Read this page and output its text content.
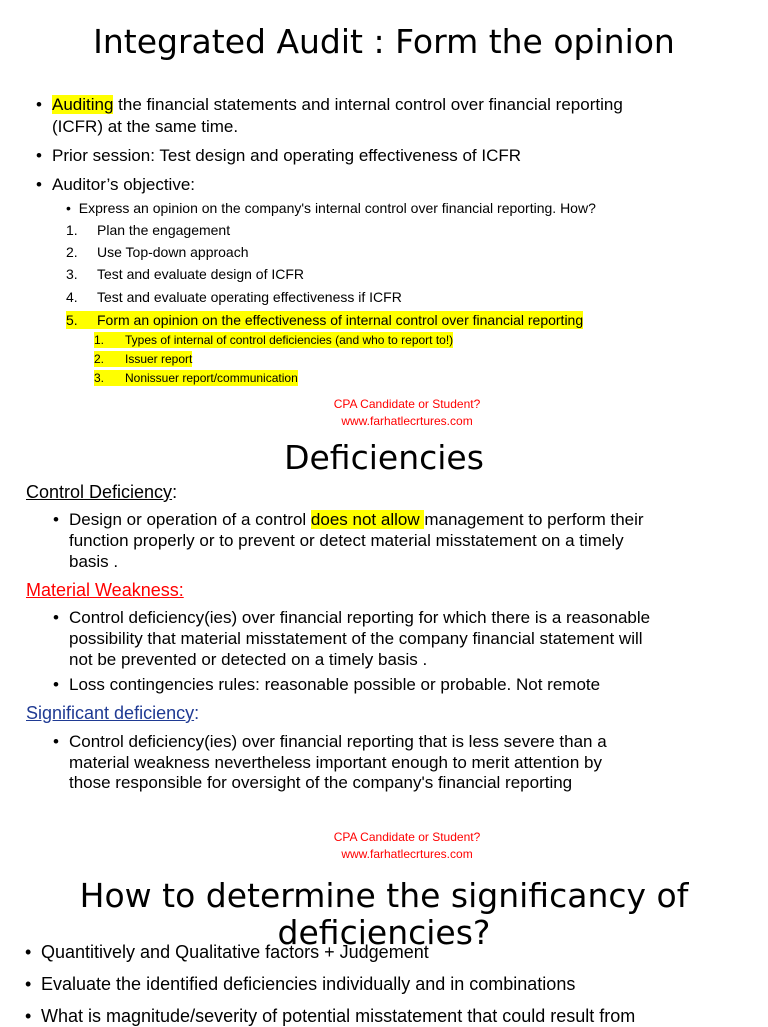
Integrated Audit : Form the opinion
• Auditing the financial statements and internal control over financial reporting
(ICFR) at the same time.
• Prior session: Test design and operating effectiveness of ICFR
• Auditor’s objective:
• Express an opinion on the company's internal control over financial reporting. How?
1. Plan the engagement
2. Use Top-down approach
3. Test and evaluate design of ICFR
4. Test and evaluate operating effectiveness if ICFR
5. Form an opinion on the effectiveness of internal control over financial reporting
1. Types of internal of control deficiencies (and who to report to!)
2. Issuer report
3. Nonissuer report/communication
CPA Candidate or Student?
www.farhatlecrtures.com
Deficiencies
Control Deficiency:
• Design or operation of a control does not allow management to perform their
function properly or to prevent or detect material misstatement on a timely
basis .
Material Weakness:
• Control deficiency(ies) over financial reporting for which there is a reasonable
possibility that material misstatement of the company financial statement will
not be prevented or detected on a timely basis .
• Loss contingencies rules: reasonable possible or probable. Not remote
Significant deficiency:
• Control deficiency(ies) over financial reporting that is less severe than a
material weakness nevertheless important enough to merit attention by
those responsible for oversight of the company's financial reporting
CPA Candidate or Student?
www.farhatlecrtures.com
How to determine the significancy of
deficiencies?
• Quantitively and Qualitative factors + Judgement
• Evaluate the identified deficiencies individually and in combinations
• What is magnitude/severity of potential misstatement that could result from
